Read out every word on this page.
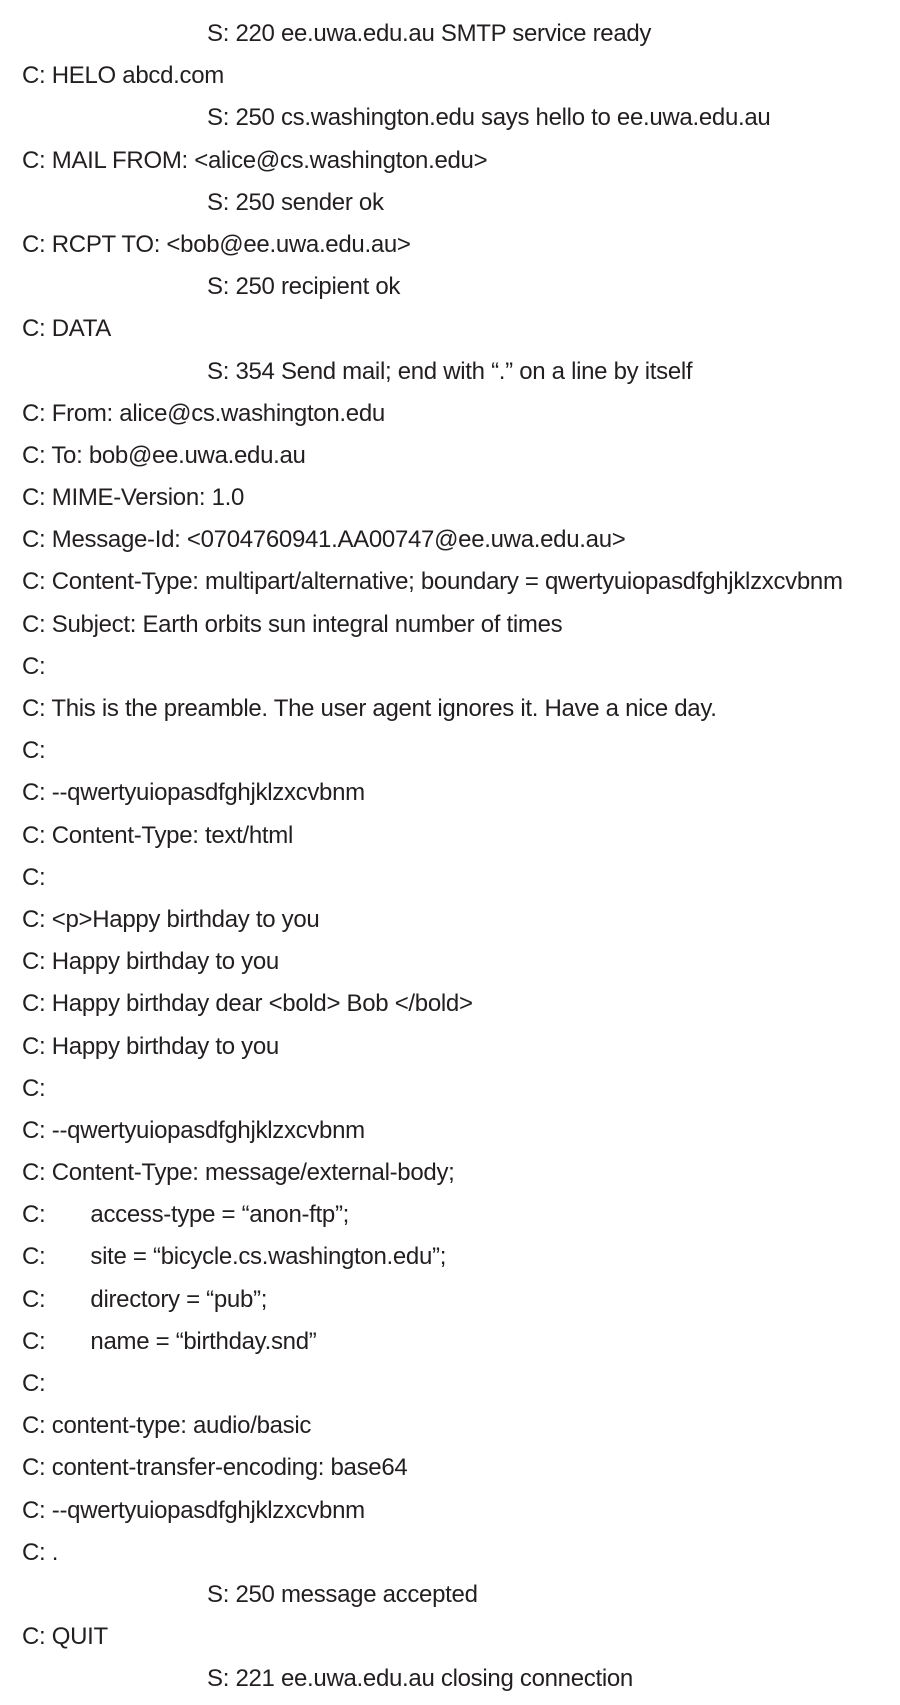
S: 220 ee.uwa.edu.au SMTP service ready
C: HELO abcd.com
S: 250 cs.washington.edu says hello to ee.uwa.edu.au
C: MAIL FROM: <alice@cs.washington.edu>
S: 250 sender ok
C: RCPT TO: <bob@ee.uwa.edu.au>
S: 250 recipient ok
C: DATA
S: 354 Send mail; end with “.” on a line by itself
C: From: alice@cs.washington.edu
C: To: bob@ee.uwa.edu.au
C: MIME-Version: 1.0
C: Message-Id: <0704760941.AA00747@ee.uwa.edu.au>
C: Content-Type: multipart/alternative; boundary = qwertyuiopasdfghjklzxcvbnm
C: Subject: Earth orbits sun integral number of times
C:
C: This is the preamble. The user agent ignores it. Have a nice day.
C:
C: --qwertyuiopasdfghjklzxcvbnm
C: Content-Type: text/html
C:
C: <p>Happy birthday to you
C: Happy birthday to you
C: Happy birthday dear <bold> Bob </bold>
C: Happy birthday to you
C:
C: --qwertyuiopasdfghjklzxcvbnm
C: Content-Type: message/external-body;
C: access-type = “anon-ftp”;
C: site = “bicycle.cs.washington.edu”;
C: directory = “pub”;
C: name = “birthday.snd”
C:
C: content-type: audio/basic
C: content-transfer-encoding: base64
C: --qwertyuiopasdfghjklzxcvbnm
C: .
S: 250 message accepted
C: QUIT
S: 221 ee.uwa.edu.au closing connection
